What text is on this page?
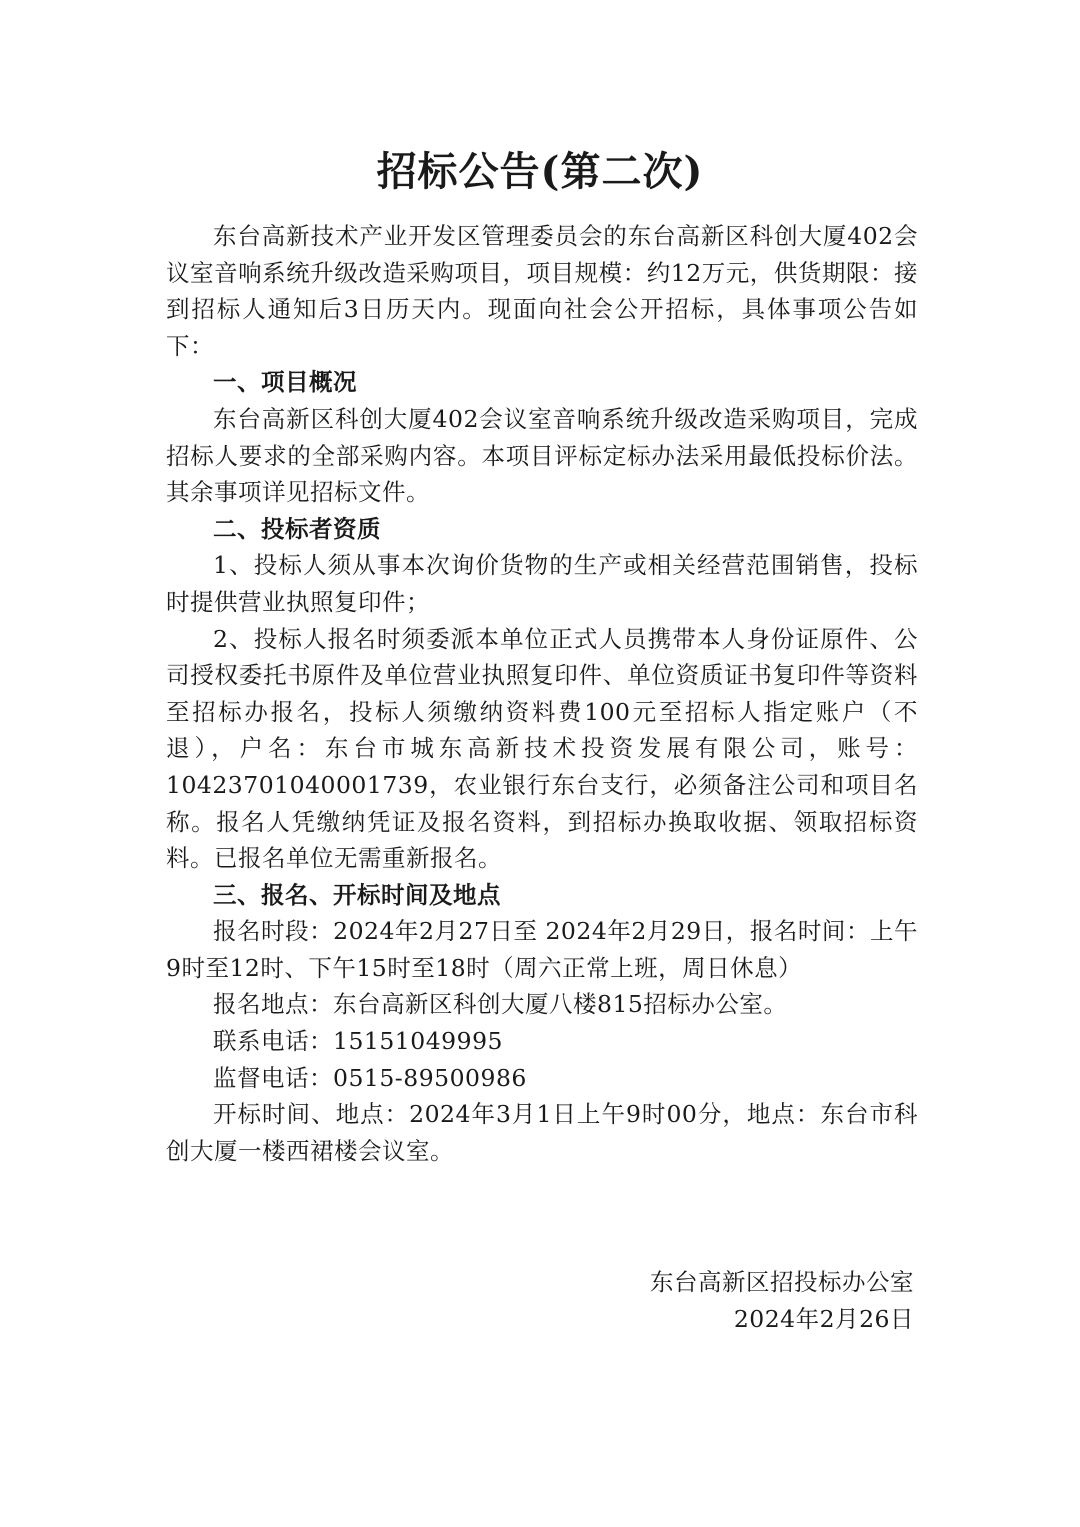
招标公告(第二次)

东台高新技术产业开发区管理委员会的东台高新区科创大厦402会议室音响系统升级改造采购项目，项目规模：约12万元，供货期限：接到招标人通知后3日历天内。现面向社会公开招标，具体事项公告如下：

一、项目概况

东台高新区科创大厦402会议室音响系统升级改造采购项目，完成招标人要求的全部采购内容。本项目评标定标办法采用最低投标价法。其余事项详见招标文件。

二、投标者资质

1、投标人须从事本次询价货物的生产或相关经营范围销售，投标时提供营业执照复印件；

2、投标人报名时须委派本单位正式人员携带本人身份证原件、公司授权委托书原件及单位营业执照复印件、单位资质证书复印件等资料至招标办报名，投标人须缴纳资料费100元至招标人指定账户（不退），户名：东台市城东高新技术投资发展有限公司，账号：10423701040001739，农业银行东台支行，必须备注公司和项目名称。报名人凭缴纳凭证及报名资料，到招标办换取收据、领取招标资料。已报名单位无需重新报名。

三、报名、开标时间及地点

报名时段：2024年2月27日至 2024年2月29日，报名时间：上午9时至12时、下午15时至18时（周六正常上班，周日休息）

报名地点：东台高新区科创大厦八楼815招标办公室。

联系电话：15151049995

监督电话：0515-89500986

开标时间、地点：2024年3月1日上午9时00分，地点：东台市科创大厦一楼西裙楼会议室。

东台高新区招投标办公室
2024年2月26日
